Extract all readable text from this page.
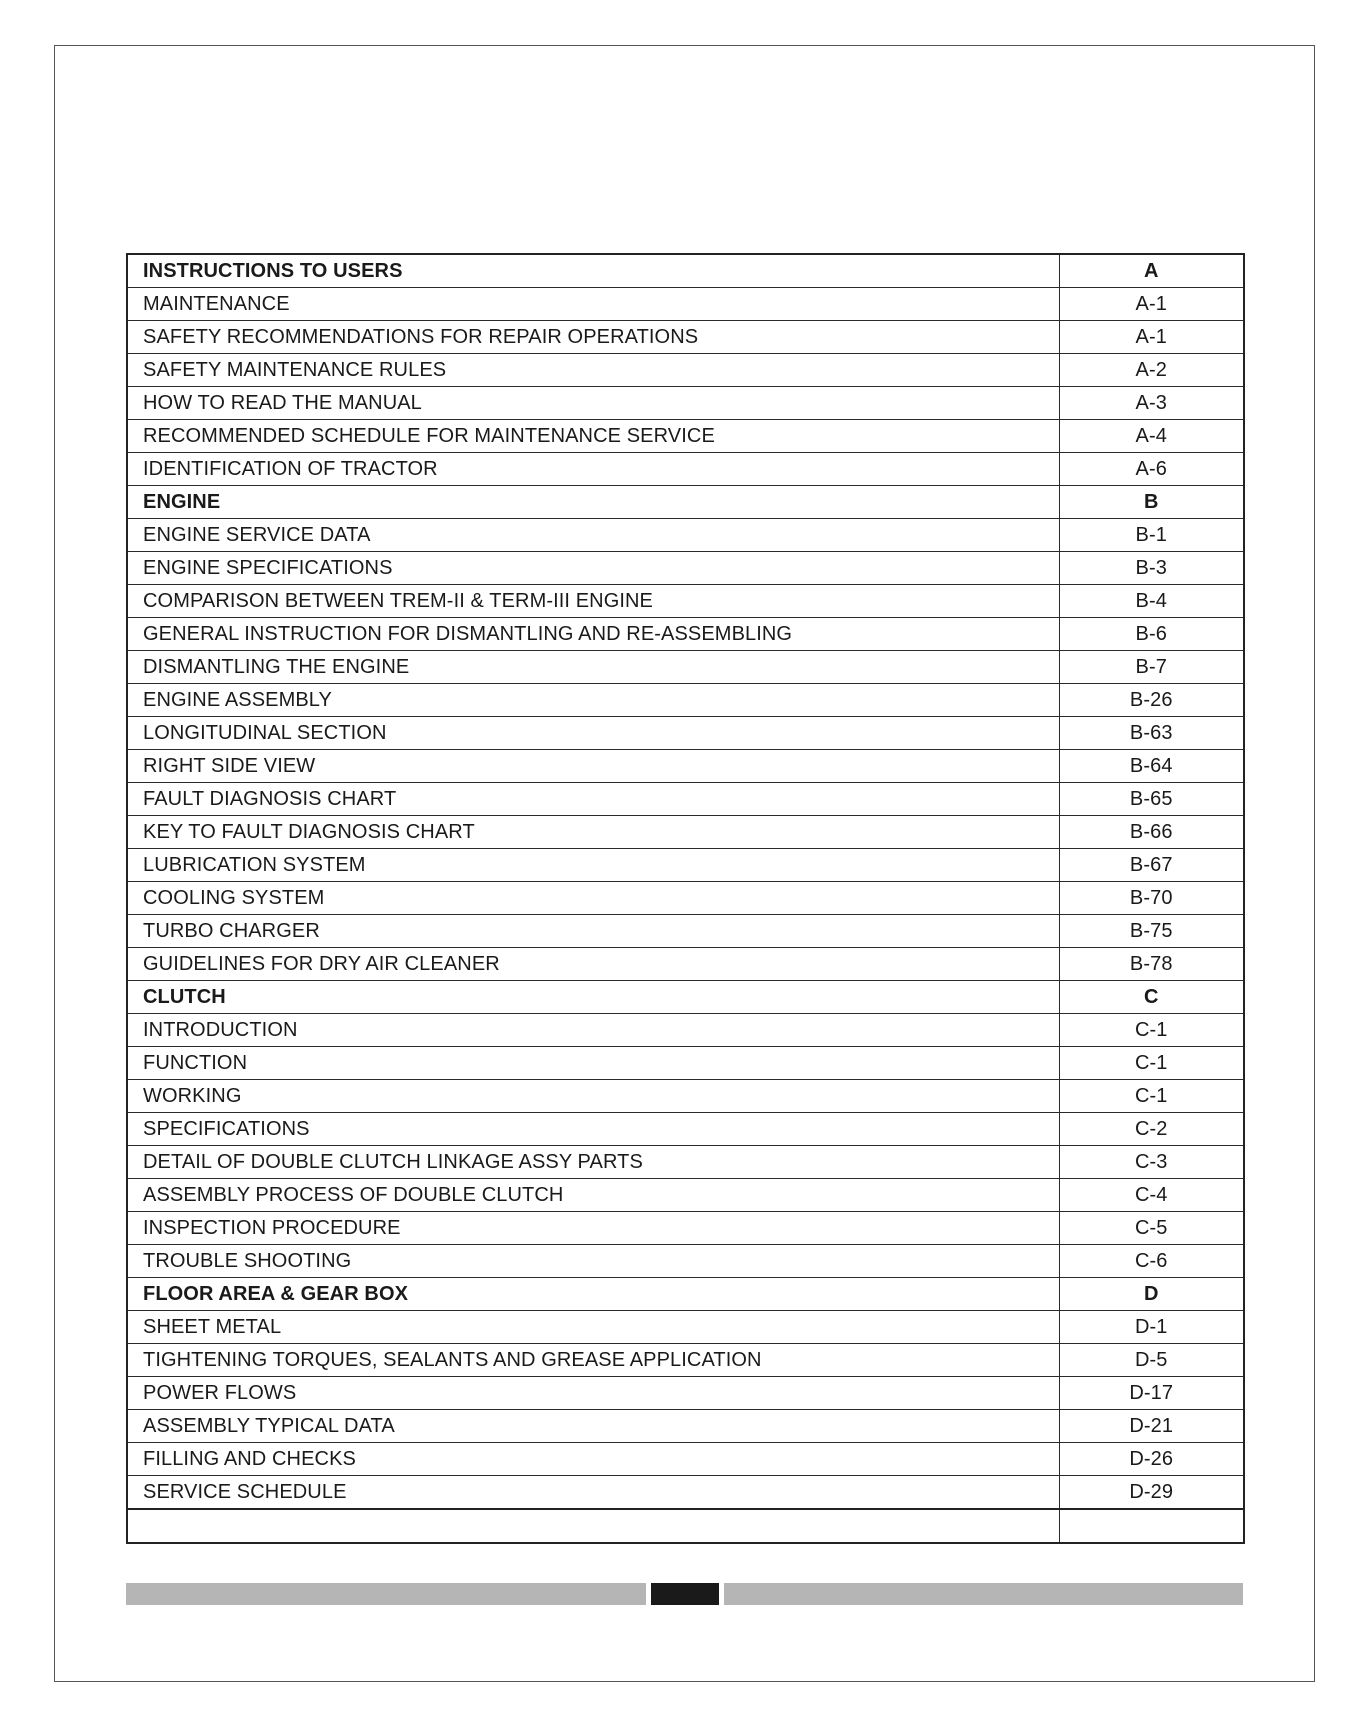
INSTRUCTIONS TO USERS	A
MAINTENANCE	A-1
SAFETY RECOMMENDATIONS FOR REPAIR OPERATIONS	A-1
SAFETY MAINTENANCE RULES	A-2
HOW TO READ THE MANUAL	A-3
RECOMMENDED SCHEDULE FOR MAINTENANCE SERVICE	A-4
IDENTIFICATION OF TRACTOR	A-6
ENGINE	B
ENGINE SERVICE DATA	B-1
ENGINE SPECIFICATIONS	B-3
COMPARISON BETWEEN TREM-II & TERM-III ENGINE	B-4
GENERAL INSTRUCTION FOR DISMANTLING AND RE-ASSEMBLING	B-6
DISMANTLING THE ENGINE	B-7
ENGINE ASSEMBLY	B-26
LONGITUDINAL SECTION	B-63
RIGHT SIDE VIEW	B-64
FAULT DIAGNOSIS CHART	B-65
KEY TO FAULT DIAGNOSIS CHART	B-66
LUBRICATION SYSTEM	B-67
COOLING SYSTEM	B-70
TURBO CHARGER	B-75
GUIDELINES FOR DRY AIR CLEANER	B-78
CLUTCH	C
INTRODUCTION	C-1
FUNCTION	C-1
WORKING	C-1
SPECIFICATIONS	C-2
DETAIL OF DOUBLE CLUTCH LINKAGE ASSY PARTS	C-3
ASSEMBLY PROCESS OF DOUBLE CLUTCH	C-4
INSPECTION PROCEDURE	C-5
TROUBLE SHOOTING	C-6
FLOOR AREA & GEAR BOX	D
SHEET METAL	D-1
TIGHTENING TORQUES, SEALANTS AND GREASE APPLICATION	D-5
POWER FLOWS	D-17
ASSEMBLY TYPICAL DATA	D-21
FILLING AND CHECKS	D-26
SERVICE SCHEDULE	D-29
